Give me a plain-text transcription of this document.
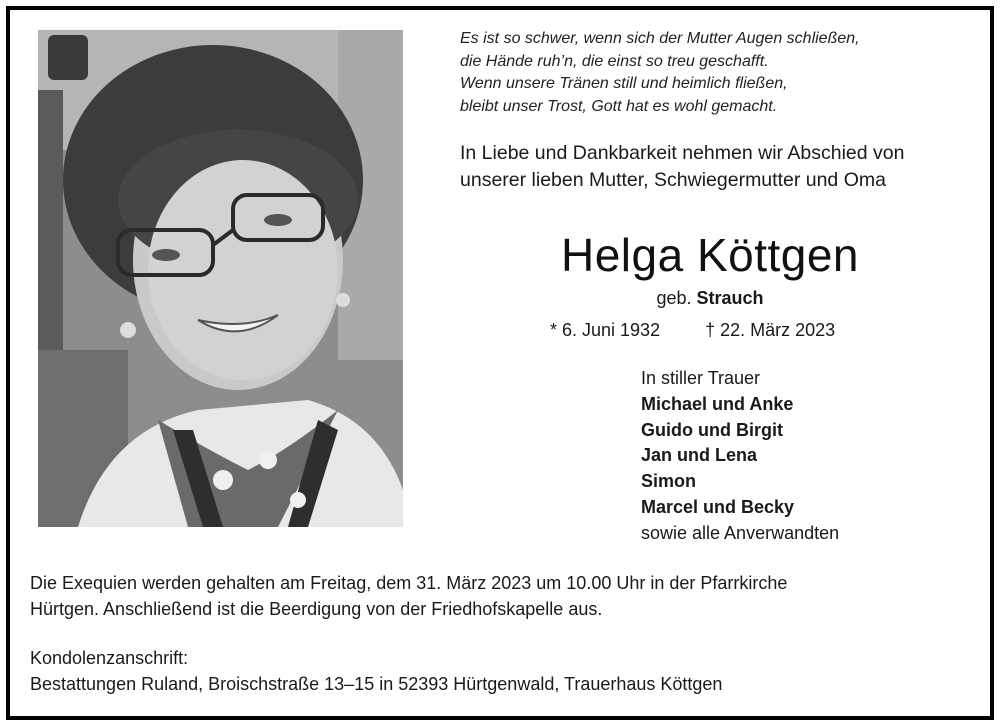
Es ist so schwer, wenn sich der Mutter Augen schließen,
die Hände ruh’n, die einst so treu geschafft.
Wenn unsere Tränen still und heimlich fließen,
bleibt unser Trost, Gott hat es wohl gemacht.
In Liebe und Dankbarkeit nehmen wir Abschied von
unserer lieben Mutter, Schwiegermutter und Oma
Helga Köttgen
geb. Strauch
* 6. Juni 1932	† 22. März 2023
In stiller Trauer
Michael und Anke
Guido und Birgit
Jan und Lena
Simon
Marcel und Becky
sowie alle Anverwandten
Die Exequien werden gehalten am Freitag, dem 31. März 2023 um 10.00 Uhr in der Pfarrkirche
Hürtgen. Anschließend ist die Beerdigung von der Friedhofskapelle aus.
Kondolenzanschrift:
Bestattungen Ruland, Broischstraße 13–15 in 52393 Hürtgenwald, Trauerhaus Köttgen
